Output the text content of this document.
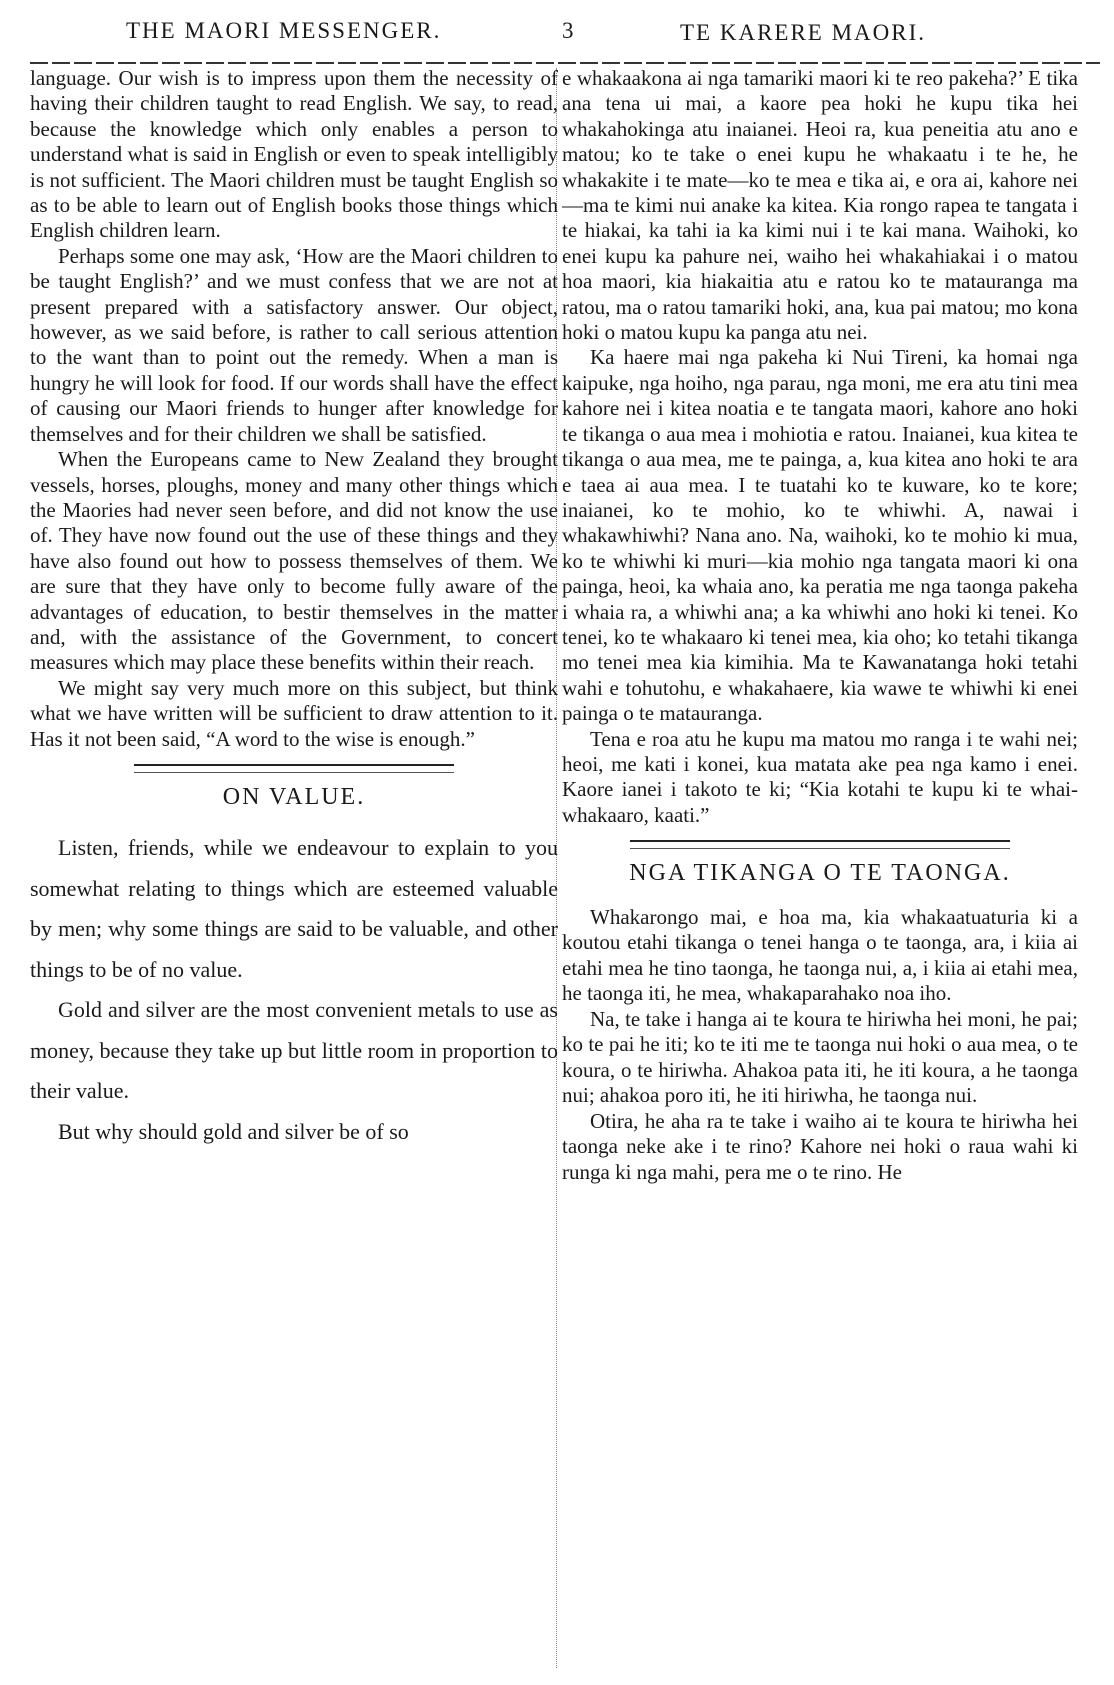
THE MAORI MESSENGER.	3	TE KARERE MAORI.

language. Our wish is to impress upon them the necessity of having their children taught to read English. We say, to read, because the knowledge which only enables a person to understand what is said in English or even to speak intelligibly is not sufficient. The Maori children must be taught English so as to be able to learn out of English books those things which English children learn.

Perhaps some one may ask, ‘How are the Maori children to be taught English?’ and we must confess that we are not at present prepared with a satisfactory answer. Our object, however, as we said before, is rather to call serious attention to the want than to point out the remedy. When a man is hungry he will look for food. If our words shall have the effect of causing our Maori friends to hunger after knowledge for themselves and for their children we shall be satisfied.

When the Europeans came to New Zealand they brought vessels, horses, ploughs, money and many other things which the Maories had never seen before, and did not know the use of. They have now found out the use of these things and they have also found out how to possess themselves of them. We are sure that they have only to become fully aware of the advantages of education, to bestir themselves in the matter and, with the assistance of the Government, to concert measures which may place these benefits within their reach.

We might say very much more on this subject, but think what we have written will be sufficient to draw attention to it. Has it not been said, “A word to the wise is enough.”

ON VALUE.

Listen, friends, while we endeavour to explain to you somewhat relating to things which are esteemed valuable by men; why some things are said to be valuable, and other things to be of no value.

Gold and silver are the most convenient metals to use as money, because they take up but little room in proportion to their value.

But why should gold and silver be of so

e whakaakona ai nga tamariki maori ki te reo pakeha?’ E tika ana tena ui mai, a kaore pea hoki he kupu tika hei whakahokinga atu inaianei. Heoi ra, kua peneitia atu ano e matou; ko te take o enei kupu he whakaatu i te he, he whakakite i te mate—ko te mea e tika ai, e ora ai, kahore nei—ma te kimi nui anake ka kitea. Kia rongo rapea te tangata i te hiakai, ka tahi ia ka kimi nui i te kai mana. Waihoki, ko enei kupu ka pahure nei, waiho hei whakahiakai i o matou hoa maori, kia hiakaitia atu e ratou ko te matauranga ma ratou, ma o ratou tamariki hoki, ana, kua pai matou; mo kona hoki o matou kupu ka panga atu nei.

Ka haere mai nga pakeha ki Nui Tireni, ka homai nga kaipuke, nga hoiho, nga parau, nga moni, me era atu tini mea kahore nei i kitea noatia e te tangata maori, kahore ano hoki te tikanga o aua mea i mohiotia e ratou. Inaianei, kua kitea te tikanga o aua mea, me te painga, a, kua kitea ano hoki te ara e taea ai aua mea. I te tuatahi ko te kuware, ko te kore; inaianei, ko te mohio, ko te whiwhi. A, nawai i whakawhiwhi? Nana ano. Na, waihoki, ko te mohio ki mua, ko te whiwhi ki muri—kia mohio nga tangata maori ki ona painga, heoi, ka whaia ano, ka peratia me nga taonga pakeha i whaia ra, a whiwhi ana; a ka whiwhi ano hoki ki tenei. Ko tenei, ko te whakaaro ki tenei mea, kia oho; ko tetahi tikanga mo tenei mea kia kimihia. Ma te Kawanatanga hoki tetahi wahi e tohutohu, e whakahaere, kia wawe te whiwhi ki enei painga o te matauranga.

Tena e roa atu he kupu ma matou mo ranga i te wahi nei; heoi, me kati i konei, kua matata ake pea nga kamo i enei. Kaore ianei i takoto te ki; “Kia kotahi te kupu ki te whai-whakaaro, kaati.”

NGA TIKANGA O TE TAONGA.

Whakarongo mai, e hoa ma, kia whakaatuaturia ki a koutou etahi tikanga o tenei hanga o te taonga, ara, i kiia ai etahi mea he tino taonga, he taonga nui, a, i kiia ai etahi mea, he taonga iti, he mea, whakaparahako noa iho.

Na, te take i hanga ai te koura te hiriwha hei moni, he pai; ko te pai he iti; ko te iti me te taonga nui hoki o aua mea, o te koura, o te hiriwha. Ahakoa pata iti, he iti koura, a he taonga nui; ahakoa poro iti, he iti hiriwha, he taonga nui.

Otira, he aha ra te take i waiho ai te koura te hiriwha hei taonga neke ake i te rino? Kahore nei hoki o raua wahi ki runga ki nga mahi, pera me o te rino. He
